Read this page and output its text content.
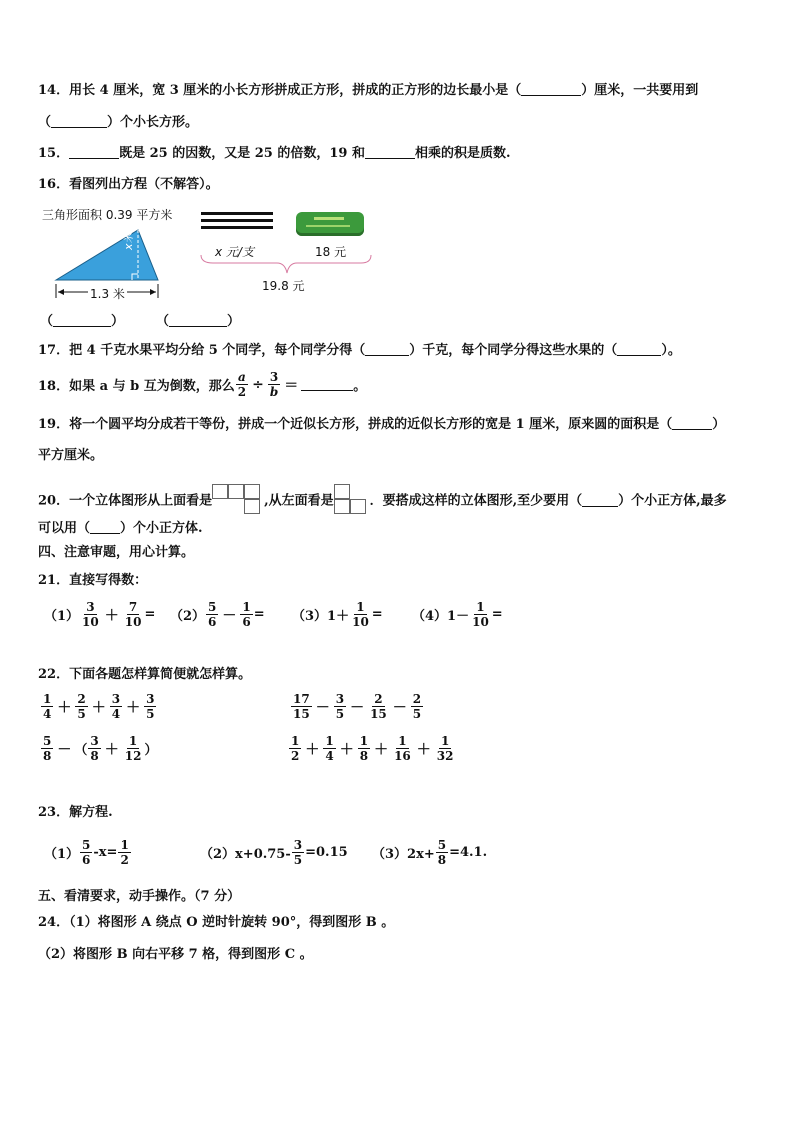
14．用长 4 厘米，宽 3 厘米的小长方形拼成正方形，拼成的正方形的边长最小是（	）厘米，一共要用到
（	）个小长方形。
15．	既是 25 的因数，又是 25 的倍数，19 和	相乘的积是质数.
16．看图列出方程（不解答）。
三角形面积 0.39 平方米
x米
1.3 米
x 元/支	18 元
19.8 元
（	） （	）
17．把 4 千克水果平均分给 5 个同学，每个同学分得（	）千克，每个同学分得这些水果的（	）。
18．如果 a 与 b 互为倒数，那么 $\frac{a}{2} \div \frac{3}{b}$ ＝	。
19．将一个圆平均分成若干等份，拼成一个近似长方形，拼成的近似长方形的宽是 1 厘米，原来圆的面积是（	）
平方厘米。
20．一个立体图形从上面看是	,从左面看是	．要搭成这样的立体图形,至少要用（	）个小正方体,最多
可以用（ ）个小正方体.
四、注意审题，用心计算。
21．直接写得数：
$(1) \frac{3}{10} + \frac{7}{10} = (2) \frac{5}{6} - \frac{1}{6} = (3)1+ \frac{1}{10} = (4)1- \frac{1}{10}$ =
22．下面各题怎样算简便就怎样算。
$\frac{1}{4} + \frac{2}{5} + \frac{3}{4} + \frac{3}{5}$	$\frac{17}{15} - \frac{3}{5} - \frac{2}{15} - \frac{2}{5}$
$\frac{5}{8}$ － （ $\frac{3}{8} + \frac{1}{12}$ ）	$\frac{1}{2} + \frac{1}{4} + \frac{1}{8} + \frac{1}{16} + \frac{1}{32}$
23．解方程.
$(1) \frac{5}{6} -x= \frac{1}{2}$	$(2)x+0.75- \frac{3}{5} =0.15$ $(3)2x+ \frac{5}{8} =4.1$.
五、看清要求，动手操作。（7 分）
24．（1）将图形 A 绕点 O 逆时针旋转 90°，得到图形 B 。
（2）将图形 B 向右平移 7 格，得到图形 C 。
